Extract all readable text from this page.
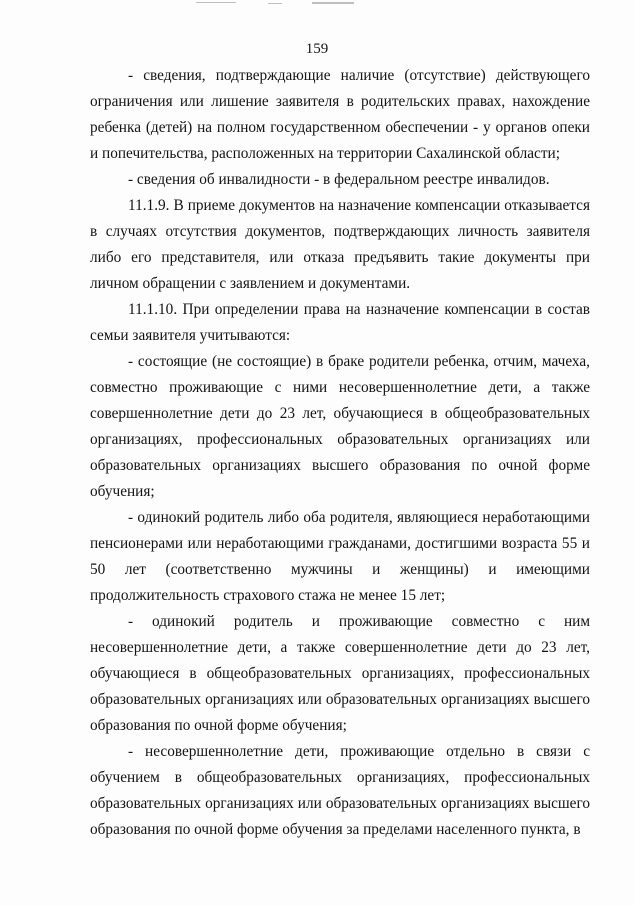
159

- сведения, подтверждающие наличие (отсутствие) действующего ограничения или лишение заявителя в родительских правах, нахождение ребенка (детей) на полном государственном обеспечении - у органов опеки и попечительства, расположенных на территории Сахалинской области;

- сведения об инвалидности - в федеральном реестре инвалидов.

11.1.9. В приеме документов на назначение компенсации отказывается в случаях отсутствия документов, подтверждающих личность заявителя либо его представителя, или отказа предъявить такие документы при личном обращении с заявлением и документами.

11.1.10. При определении права на назначение компенсации в состав семьи заявителя учитываются:

- состоящие (не состоящие) в браке родители ребенка, отчим, мачеха, совместно проживающие с ними несовершеннолетние дети, а также совершеннолетние дети до 23 лет, обучающиеся в общеобразовательных организациях, профессиональных образовательных организациях или образовательных организациях высшего образования по очной форме обучения;

- одинокий родитель либо оба родителя, являющиеся неработающими пенсионерами или неработающими гражданами, достигшими возраста 55 и 50 лет (соответственно мужчины и женщины) и имеющими продолжительность страхового стажа не менее 15 лет;

- одинокий родитель и проживающие совместно с ним несовершеннолетние дети, а также совершеннолетние дети до 23 лет, обучающиеся в общеобразовательных организациях, профессиональных образовательных организациях или образовательных организациях высшего образования по очной форме обучения;

- несовершеннолетние дети, проживающие отдельно в связи с обучением в общеобразовательных организациях, профессиональных образовательных организациях или образовательных организациях высшего образования по очной форме обучения за пределами населенного пункта, в
